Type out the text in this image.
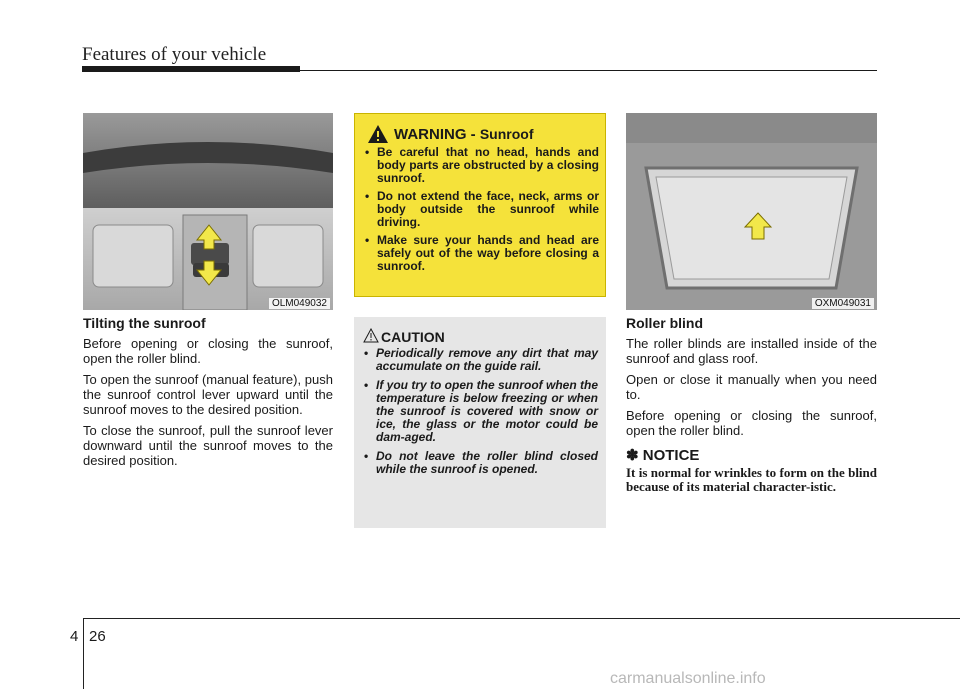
Features of your vehicle
OLM049032
Tilting the sunroof

Before opening or closing the sunroof, open the roller blind.

To open the sunroof (manual feature), push the sunroof control lever upward until the sunroof moves to the desired position.

To close the sunroof, pull the sunroof lever downward until the sunroof moves to the desired position.

WARNING - Sunroof
• Be careful that no head, hands and body parts are obstructed by a closing sunroof.
• Do not extend the face, neck, arms or body outside the sunroof while driving.
• Make sure your hands and head are safely out of the way before closing a sunroof.
CAUTION
• Periodically remove any dirt that may accumulate on the guide rail.
• If you try to open the sunroof when the temperature is below freezing or when the sunroof is covered with snow or ice, the glass or the motor could be dam-aged.
• Do not leave the roller blind closed while the sunroof is opened.
OXM049031
Roller blind

The roller blinds are installed inside of the sunroof and glass roof.

Open or close it manually when you need to.

Before opening or closing the sunroof, open the roller blind.

✽ NOTICE
It is normal for wrinkles to form on the blind because of its material character-istic.
4 26
carmanualsonline.info
